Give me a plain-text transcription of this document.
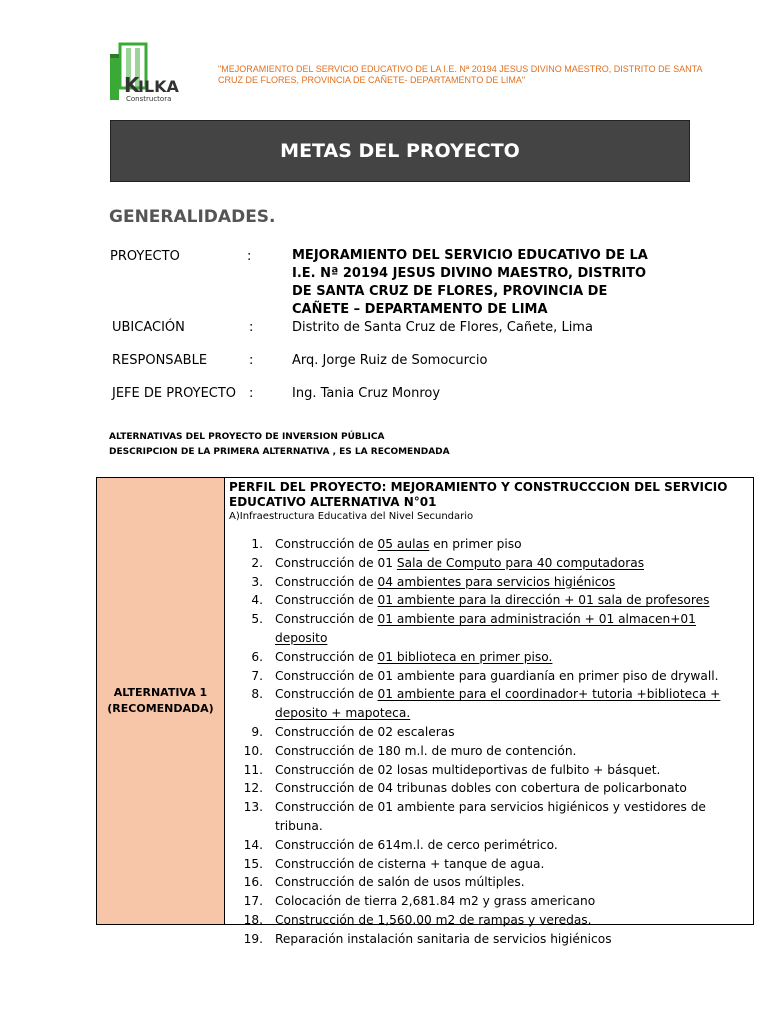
K
ILKA
Constructora
"MEJORAMIENTO DEL SERVICIO EDUCATIVO DE LA I.E. Nª 20194 JESUS DIVINO MAESTRO, DISTRITO DE SANTA CRUZ DE FLORES, PROVINCIA DE CAÑETE- DEPARTAMENTO DE LIMA"
METAS DEL PROYECTO
GENERALIDADES.
PROYECTO	:	MEJORAMIENTO DEL SERVICIO EDUCATIVO DE LA I.E. Nª 20194 JESUS DIVINO MAESTRO, DISTRITO DE SANTA CRUZ DE FLORES, PROVINCIA DE CAÑETE – DEPARTAMENTO DE LIMA
UBICACIÓN	:	Distrito de Santa Cruz de Flores, Cañete, Lima
RESPONSABLE	:	Arq. Jorge Ruiz de Somocurcio
JEFE DE PROYECTO :	Ing. Tania Cruz Monroy
ALTERNATIVAS DEL PROYECTO DE INVERSION PÚBLICA
DESCRIPCION DE LA PRIMERA ALTERNATIVA , ES LA RECOMENDADA
ALTERNATIVA 1
(RECOMENDADA)
PERFIL DEL PROYECTO: MEJORAMIENTO Y CONSTRUCCCION DEL SERVICIO EDUCATIVO ALTERNATIVA N°01
A)Infraestructura Educativa del Nivel Secundario
1. Construcción de 05 aulas en primer piso
2. Construcción de 01 Sala de Computo para 40 computadoras
3. Construcción de 04 ambientes para servicios higiénicos
4. Construcción de 01 ambiente para la dirección + 01 sala de profesores
5. Construcción de 01 ambiente para administración + 01 almacen+01 deposito
6. Construcción de 01 biblioteca en primer piso.
7. Construcción de 01 ambiente para guardianía en primer piso de drywall.
8. Construcción de 01 ambiente para el coordinador+ tutoria +biblioteca + deposito + mapoteca.
9. Construcción de 02 escaleras
10. Construcción de 180 m.l. de muro de contención.
11. Construcción de 02 losas multideportivas de fulbito + básquet.
12. Construcción de 04 tribunas dobles con cobertura de policarbonato
13. Construcción de 01 ambiente para servicios higiénicos y vestidores de tribuna.
14. Construcción de 614m.l. de cerco perimétrico.
15. Construcción de cisterna + tanque de agua.
16. Construcción de salón de usos múltiples.
17. Colocación de tierra 2,681.84 m2 y grass americano
18. Construcción de 1,560.00 m2 de rampas y veredas.
19. Reparación instalación sanitaria de servicios higiénicos
